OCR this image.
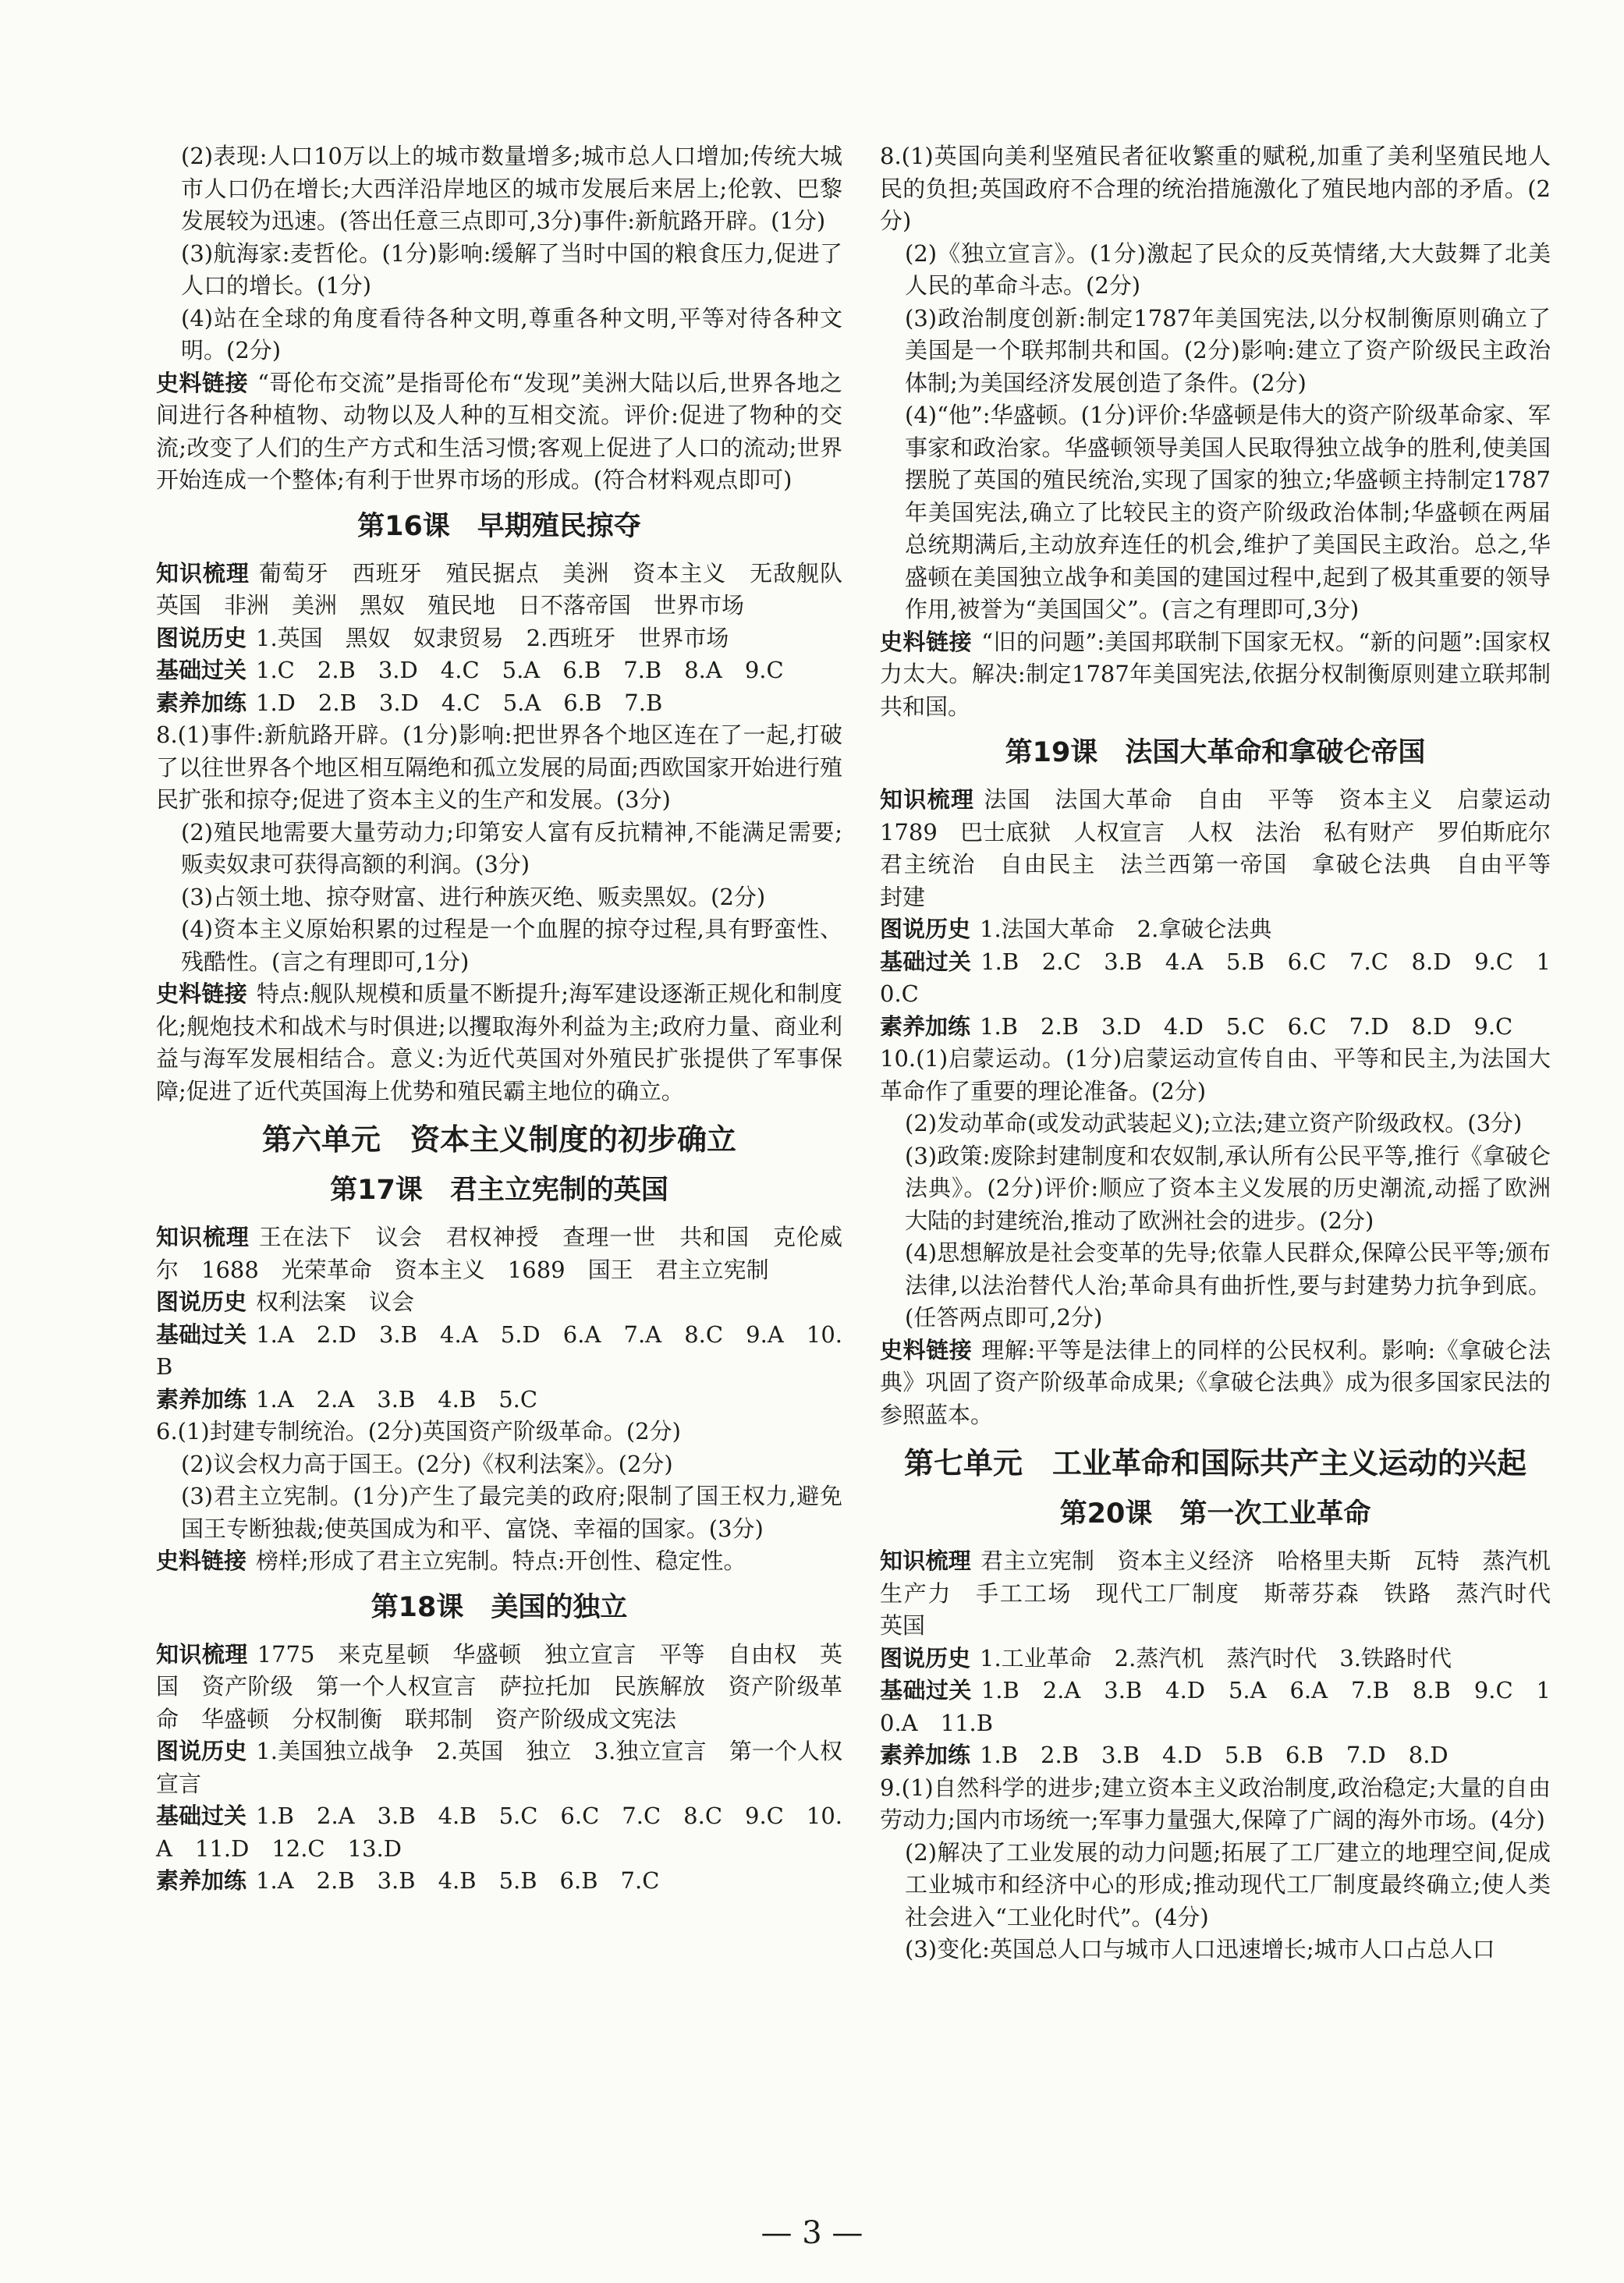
(2)表现:人口10万以上的城市数量增多;城市总人口增加;传统大城市人口仍在增长;大西洋沿岸地区的城市发展后来居上;伦敦、巴黎发展较为迅速。(答出任意三点即可,3分)事件:新航路开辟。(1分)

(3)航海家:麦哲伦。(1分)影响:缓解了当时中国的粮食压力,促进了人口的增长。(1分)

(4)站在全球的角度看待各种文明,尊重各种文明,平等对待各种文明。(2分)

史料链接 “哥伦布交流”是指哥伦布“发现”美洲大陆以后,世界各地之间进行各种植物、动物以及人种的互相交流。评价:促进了物种的交流;改变了人们的生产方式和生活习惯;客观上促进了人口的流动;世界开始连成一个整体;有利于世界市场的形成。(符合材料观点即可)

第16课　早期殖民掠夺

知识梳理 葡萄牙　西班牙　殖民据点　美洲　资本主义　无敌舰队　英国　非洲　美洲　黑奴　殖民地　日不落帝国　世界市场

图说历史 1.英国　黑奴　奴隶贸易　2.西班牙　世界市场

基础过关 1.C　2.B　3.D　4.C　5.A　6.B　7.B　8.A　9.C

素养加练 1.D　2.B　3.D　4.C　5.A　6.B　7.B

8.(1)事件:新航路开辟。(1分)影响:把世界各个地区连在了一起,打破了以往世界各个地区相互隔绝和孤立发展的局面;西欧国家开始进行殖民扩张和掠夺;促进了资本主义的生产和发展。(3分)

(2)殖民地需要大量劳动力;印第安人富有反抗精神,不能满足需要;贩卖奴隶可获得高额的利润。(3分)

(3)占领土地、掠夺财富、进行种族灭绝、贩卖黑奴。(2分)

(4)资本主义原始积累的过程是一个血腥的掠夺过程,具有野蛮性、残酷性。(言之有理即可,1分)

史料链接 特点:舰队规模和质量不断提升;海军建设逐渐正规化和制度化;舰炮技术和战术与时俱进;以攫取海外利益为主;政府力量、商业利益与海军发展相结合。意义:为近代英国对外殖民扩张提供了军事保障;促进了近代英国海上优势和殖民霸主地位的确立。

第六单元　资本主义制度的初步确立
第17课　君主立宪制的英国

知识梳理 王在法下　议会　君权神授　查理一世　共和国　克伦威尔　1688　光荣革命　资本主义　1689　国王　君主立宪制

图说历史 权利法案　议会

基础过关 1.A　2.D　3.B　4.A　5.D　6.A　7.A　8.C　9.A　10.B

素养加练 1.A　2.A　3.B　4.B　5.C

6.(1)封建专制统治。(2分)英国资产阶级革命。(2分)

(2)议会权力高于国王。(2分)《权利法案》。(2分)

(3)君主立宪制。(1分)产生了最完美的政府;限制了国王权力,避免国王专断独裁;使英国成为和平、富饶、幸福的国家。(3分)

史料链接 榜样;形成了君主立宪制。特点:开创性、稳定性。

第18课　美国的独立

知识梳理 1775　来克星顿　华盛顿　独立宣言　平等　自由权　英国　资产阶级　第一个人权宣言　萨拉托加　民族解放　资产阶级革命　华盛顿　分权制衡　联邦制　资产阶级成文宪法

图说历史 1.美国独立战争　2.英国　独立　3.独立宣言　第一个人权宣言

基础过关 1.B　2.A　3.B　4.B　5.C　6.C　7.C　8.C　9.C　10.A　11.D　12.C　13.D

素养加练 1.A　2.B　3.B　4.B　5.B　6.B　7.C

8.(1)英国向美利坚殖民者征收繁重的赋税,加重了美利坚殖民地人民的负担;英国政府不合理的统治措施激化了殖民地内部的矛盾。(2分)

(2)《独立宣言》。(1分)激起了民众的反英情绪,大大鼓舞了北美人民的革命斗志。(2分)

(3)政治制度创新:制定1787年美国宪法,以分权制衡原则确立了美国是一个联邦制共和国。(2分)影响:建立了资产阶级民主政治体制;为美国经济发展创造了条件。(2分)

(4)“他”:华盛顿。(1分)评价:华盛顿是伟大的资产阶级革命家、军事家和政治家。华盛顿领导美国人民取得独立战争的胜利,使美国摆脱了英国的殖民统治,实现了国家的独立;华盛顿主持制定1787年美国宪法,确立了比较民主的资产阶级政治体制;华盛顿在两届总统期满后,主动放弃连任的机会,维护了美国民主政治。总之,华盛顿在美国独立战争和美国的建国过程中,起到了极其重要的领导作用,被誉为“美国国父”。(言之有理即可,3分)

史料链接 “旧的问题”:美国邦联制下国家无权。“新的问题”:国家权力太大。解决:制定1787年美国宪法,依据分权制衡原则建立联邦制共和国。

第19课　法国大革命和拿破仑帝国

知识梳理 法国　法国大革命　自由　平等　资本主义　启蒙运动　1789　巴士底狱　人权宣言　人权　法治　私有财产　罗伯斯庇尔　君主统治　自由民主　法兰西第一帝国　拿破仑法典　自由平等　封建

图说历史 1.法国大革命　2.拿破仑法典

基础过关 1.B　2.C　3.B　4.A　5.B　6.C　7.C　8.D　9.C　10.C

素养加练 1.B　2.B　3.D　4.D　5.C　6.C　7.D　8.D　9.C

10.(1)启蒙运动。(1分)启蒙运动宣传自由、平等和民主,为法国大革命作了重要的理论准备。(2分)

(2)发动革命(或发动武装起义);立法;建立资产阶级政权。(3分)

(3)政策:废除封建制度和农奴制,承认所有公民平等,推行《拿破仑法典》。(2分)评价:顺应了资本主义发展的历史潮流,动摇了欧洲大陆的封建统治,推动了欧洲社会的进步。(2分)

(4)思想解放是社会变革的先导;依靠人民群众,保障公民平等;颁布法律,以法治替代人治;革命具有曲折性,要与封建势力抗争到底。(任答两点即可,2分)

史料链接 理解:平等是法律上的同样的公民权利。影响:《拿破仑法典》巩固了资产阶级革命成果;《拿破仑法典》成为很多国家民法的参照蓝本。

第七单元　工业革命和国际共产主义运动的兴起
第20课　第一次工业革命

知识梳理 君主立宪制　资本主义经济　哈格里夫斯　瓦特　蒸汽机　生产力　手工工场　现代工厂制度　斯蒂芬森　铁路　蒸汽时代　英国

图说历史 1.工业革命　2.蒸汽机　蒸汽时代　3.铁路时代

基础过关 1.B　2.A　3.B　4.D　5.A　6.A　7.B　8.B　9.C　10.A　11.B

素养加练 1.B　2.B　3.B　4.D　5.B　6.B　7.D　8.D

9.(1)自然科学的进步;建立资本主义政治制度,政治稳定;大量的自由劳动力;国内市场统一;军事力量强大,保障了广阔的海外市场。(4分)

(2)解决了工业发展的动力问题;拓展了工厂建立的地理空间,促成工业城市和经济中心的形成;推动现代工厂制度最终确立;使人类社会进入“工业化时代”。(4分)

(3)变化:英国总人口与城市人口迅速增长;城市人口占总人口

— 3 —
